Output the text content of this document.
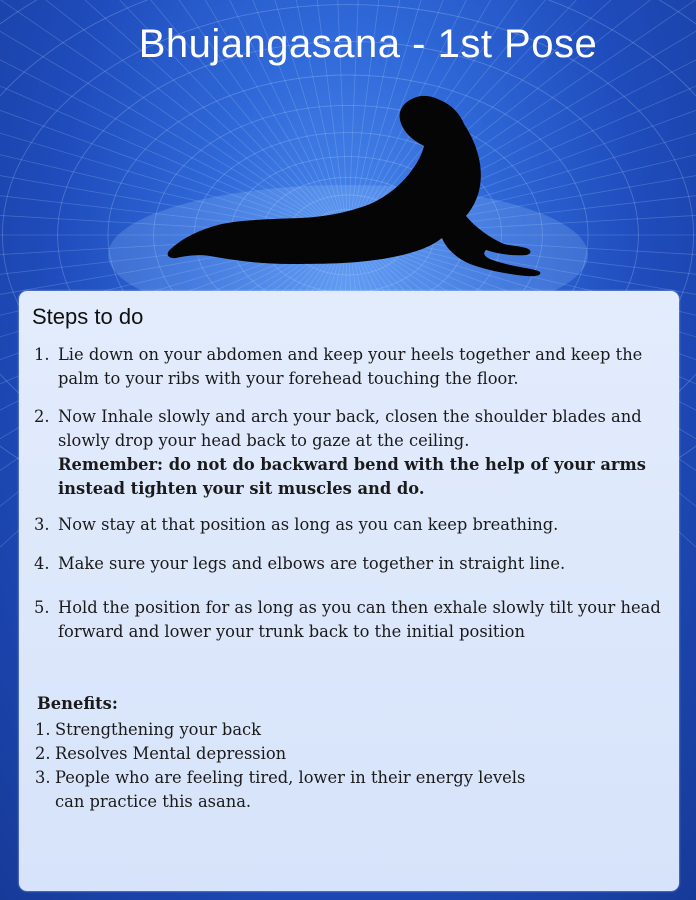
Bhujangasana - 1st Pose
Steps to do
1. Lie down on your abdomen and keep your heels together and keep the palm to your ribs with your forehead touching the floor.
2. Now Inhale slowly and arch your back, closen the shoulder blades and slowly drop your head back to gaze at the ceiling.
Remember: do not do backward bend with the help of your arms instead tighten your sit muscles and do.
3. Now stay at that position as long as you can keep breathing.
4. Make sure your legs and elbows are together in straight line.
5. Hold the position for as long as you can then exhale slowly tilt your head forward and lower your trunk back to the initial position
Benefits:
1. Strengthening your back
2. Resolves Mental depression
3. People who are feeling tired, lower in their energy levels can practice this asana.
